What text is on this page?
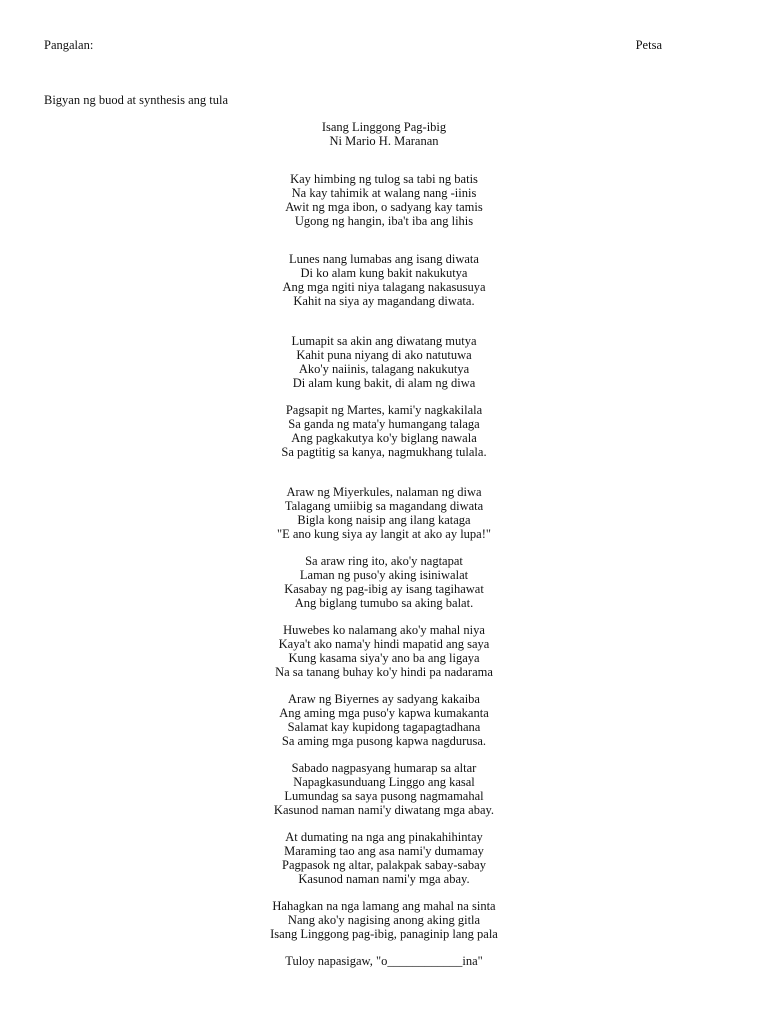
Pangalan:	Petsa
Bigyan ng buod at synthesis ang tula
Isang Linggong Pag-ibig
Ni Mario H. Maranan
Kay himbing ng tulog sa tabi ng batis
Na kay tahimik at walang nang -iinis
Awit ng mga ibon, o sadyang kay tamis
Ugong ng hangin, iba't iba ang lihis
Lunes nang lumabas ang isang diwata
Di ko alam kung bakit nakukutya
Ang mga ngiti niya talagang nakasusuya
Kahit na siya ay magandang diwata.
Lumapit sa akin ang diwatang mutya
Kahit puna niyang di ako natutuwa
Ako'y naiinis, talagang nakukutya
Di alam kung bakit, di alam ng diwa
Pagsapit ng Martes, kami'y nagkakilala
Sa ganda ng mata'y humangang talaga
Ang pagkakutya ko'y biglang nawala
Sa pagtitig sa kanya, nagmukhang tulala.
Araw ng Miyerkules, nalaman ng diwa
Talagang umiibig sa magandang diwata
Bigla kong naisip ang ilang kataga
"E ano kung siya ay langit at ako ay lupa!"
Sa araw ring ito, ako'y nagtapat
Laman ng puso'y aking isiniwalat
Kasabay ng pag-ibig ay isang tagihawat
Ang biglang tumubo sa aking balat.
Huwebes ko nalamang ako'y mahal niya
Kaya't ako nama'y hindi mapatid ang saya
Kung kasama siya'y ano ba ang ligaya
Na sa tanang buhay ko'y hindi pa nadarama
Araw ng Biyernes ay sadyang kakaiba
Ang aming mga puso'y kapwa kumakanta
Salamat kay kupidong tagapagtadhana
Sa aming mga pusong kapwa nagdurusa.
Sabado nagpasyang humarap sa altar
Napagkasunduang Linggo ang kasal
Lumundag sa saya pusong nagmamahal
Kasunod naman nami'y diwatang mga abay.
At dumating na nga ang pinakahihintay
Maraming tao ang asa nami'y dumamay
Pagpasok ng altar, palakpak sabay-sabay
Kasunod naman nami'y mga abay.
Hahagkan na nga lamang ang mahal na sinta
Nang ako'y nagising anong aking gitla
Isang Linggong pag-ibig, panaginip lang pala
Tuloy napasigaw, "o____________ina"
